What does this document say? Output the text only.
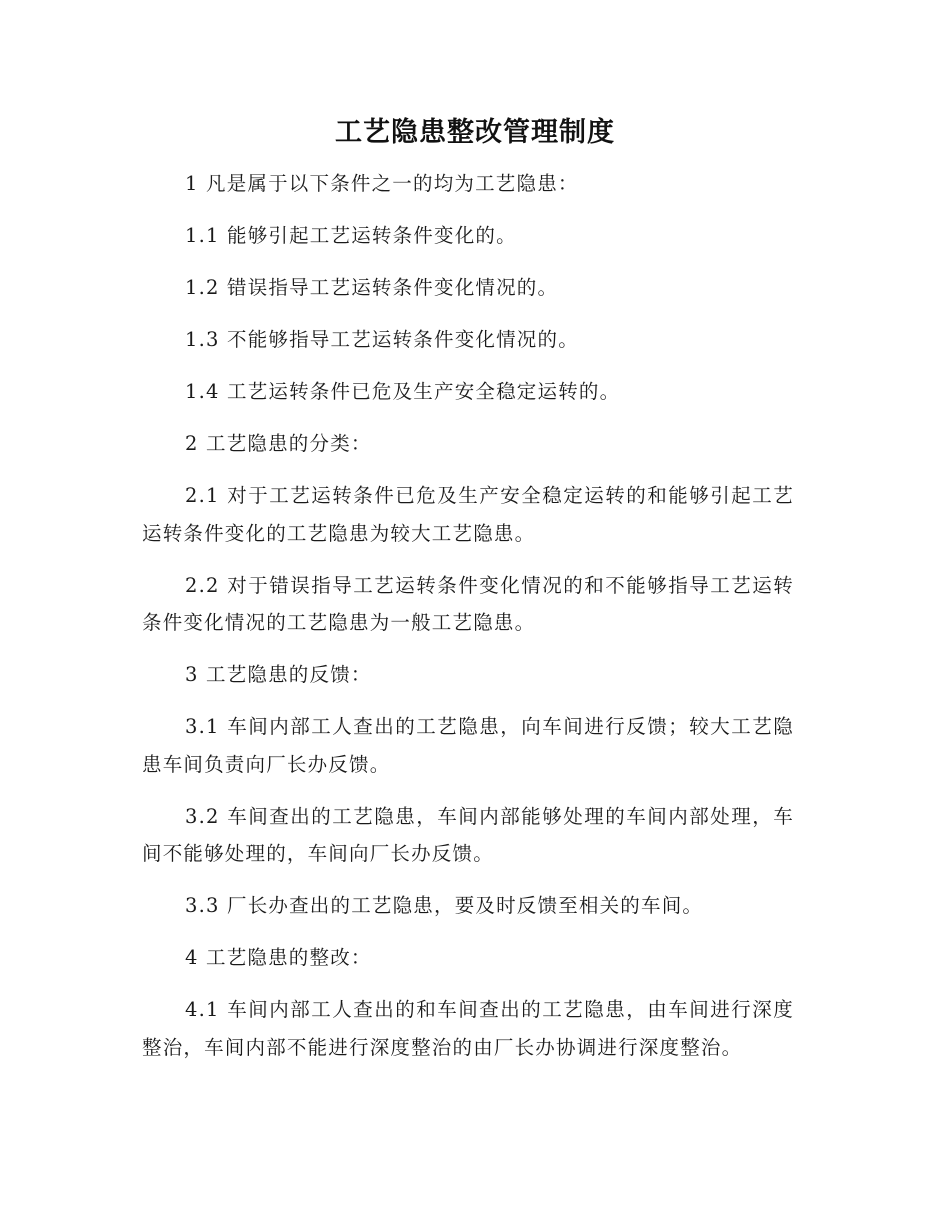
工艺隐患整改管理制度

1 凡是属于以下条件之一的均为工艺隐患：

1.1 能够引起工艺运转条件变化的。

1.2 错误指导工艺运转条件变化情况的。

1.3 不能够指导工艺运转条件变化情况的。

1.4 工艺运转条件已危及生产安全稳定运转的。

2 工艺隐患的分类：

2.1 对于工艺运转条件已危及生产安全稳定运转的和能够引起工艺运转条件变化的工艺隐患为较大工艺隐患。

2.2 对于错误指导工艺运转条件变化情况的和不能够指导工艺运转条件变化情况的工艺隐患为一般工艺隐患。

3 工艺隐患的反馈：

3.1 车间内部工人查出的工艺隐患，向车间进行反馈；较大工艺隐患车间负责向厂长办反馈。

3.2 车间查出的工艺隐患，车间内部能够处理的车间内部处理，车间不能够处理的，车间向厂长办反馈。

3.3 厂长办查出的工艺隐患，要及时反馈至相关的车间。

4 工艺隐患的整改：

4.1 车间内部工人查出的和车间查出的工艺隐患，由车间进行深度整治，车间内部不能进行深度整治的由厂长办协调进行深度整治。
